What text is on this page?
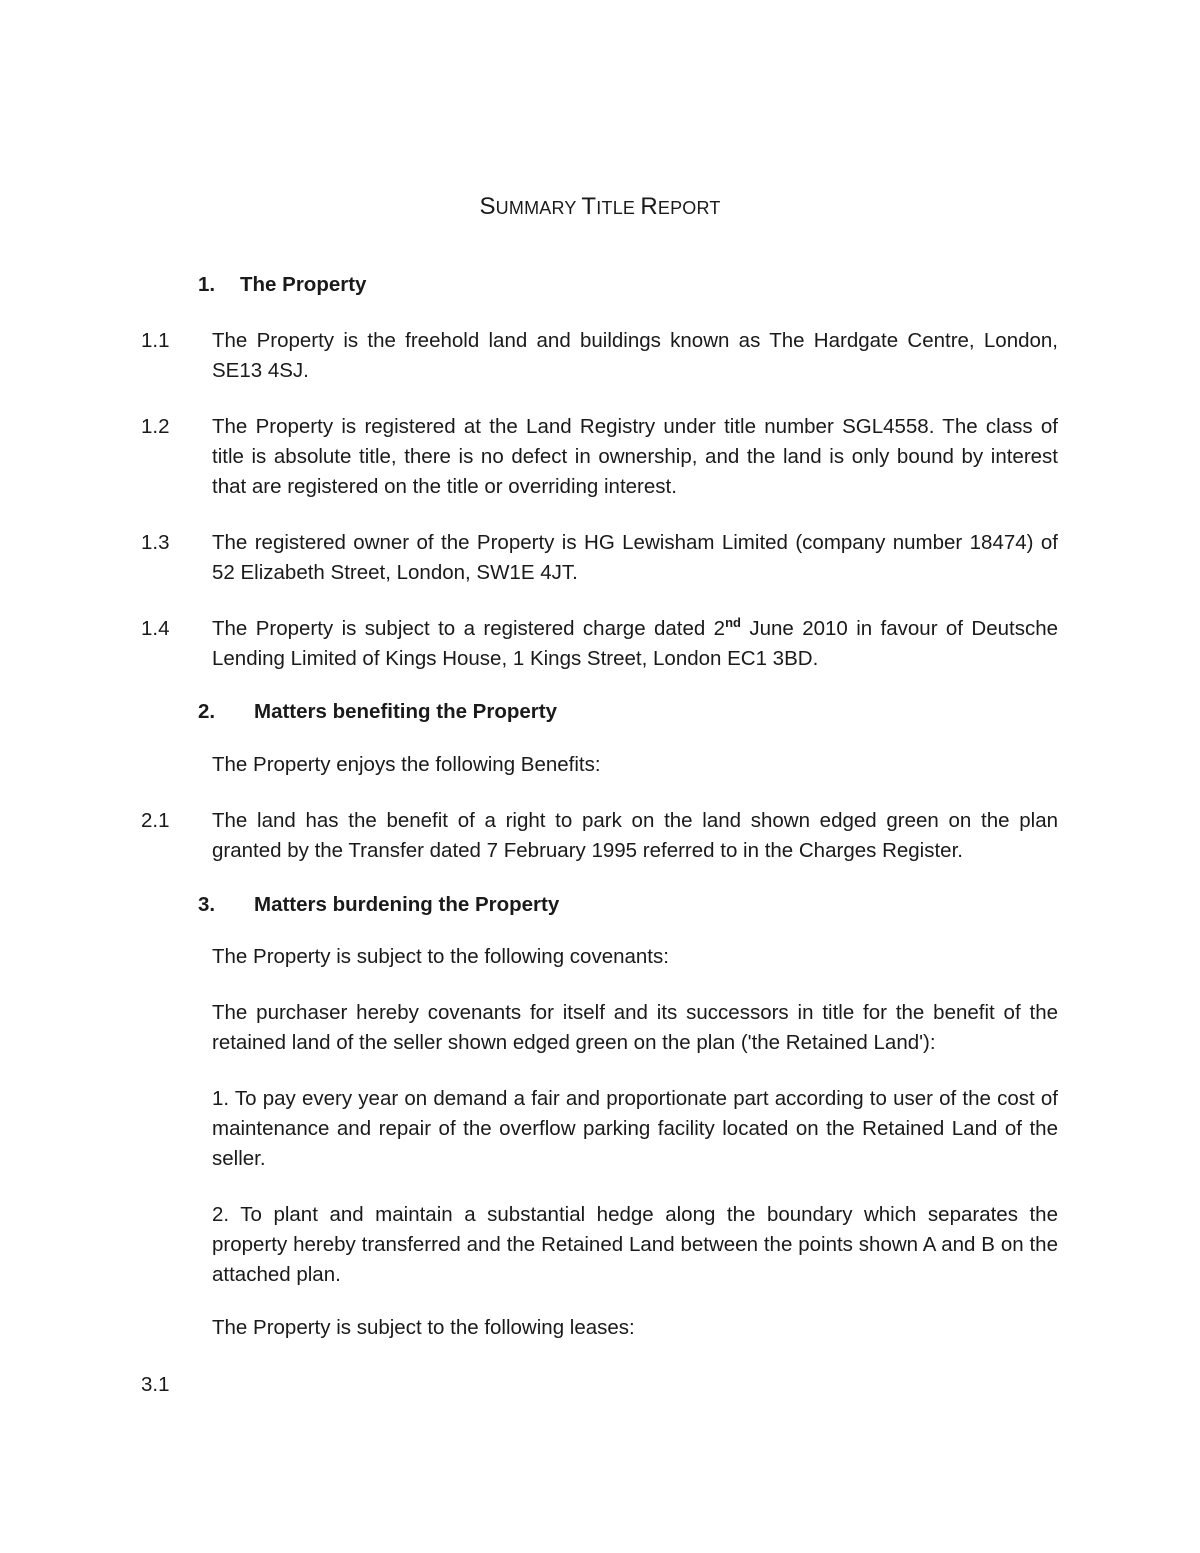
SUMMARY TITLE REPORT
1. The Property
1.1 The Property is the freehold land and buildings known as The Hardgate Centre, London, SE13 4SJ.
1.2 The Property is registered at the Land Registry under title number SGL4558. The class of title is absolute title, there is no defect in ownership, and the land is only bound by interest that are registered on the title or overriding interest.
1.3 The registered owner of the Property is HG Lewisham Limited (company number 18474) of 52 Elizabeth Street, London, SW1E 4JT.
1.4 The Property is subject to a registered charge dated 2nd June 2010 in favour of Deutsche Lending Limited of Kings House, 1 Kings Street, London EC1 3BD.
2. Matters benefiting the Property
The Property enjoys the following Benefits:
2.1 The land has the benefit of a right to park on the land shown edged green on the plan granted by the Transfer dated 7 February 1995 referred to in the Charges Register.
3. Matters burdening the Property
The Property is subject to the following covenants:
The purchaser hereby covenants for itself and its successors in title for the benefit of the retained land of the seller shown edged green on the plan ('the Retained Land'):
1. To pay every year on demand a fair and proportionate part according to user of the cost of maintenance and repair of the overflow parking facility located on the Retained Land of the seller.
2. To plant and maintain a substantial hedge along the boundary which separates the property hereby transferred and the Retained Land between the points shown A and B on the attached plan.
The Property is subject to the following leases:
3.1
